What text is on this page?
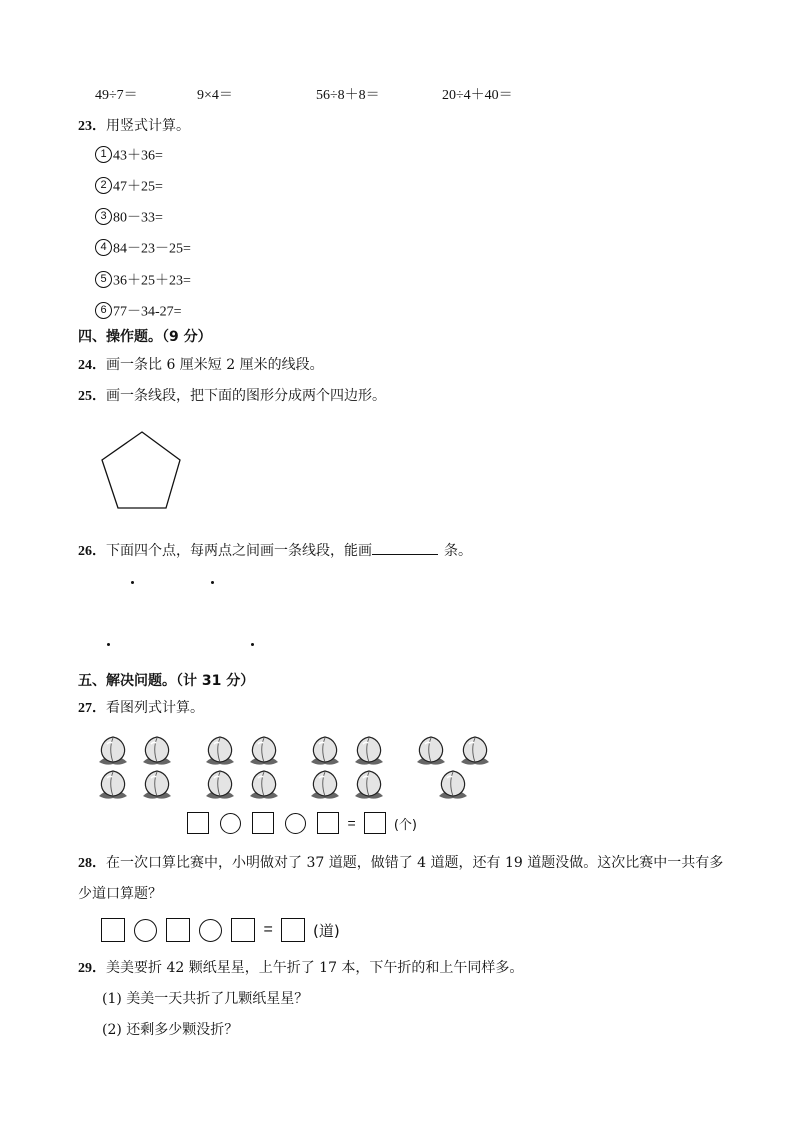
49÷7＝	9×4＝	56÷8＋8＝	20÷4＋40＝
23．用竖式计算。
1 43＋36=
2 47＋25=
3 80－33=
4 84－23－25=
5 36＋25＋23=
6 77－34-27=
四、操作题。（9 分）
24．画一条比 6 厘米短 2 厘米的线段。
25．画一条线段，把下面的图形分成两个四边形。
26．下面四个点，每两点之间画一条线段，能画	条。
五、解决问题。（计 31 分）
27．看图列式计算。
=	(个)
28．在一次口算比赛中，小明做对了 37 道题，做错了 4 道题，还有 19 道题没做。这次比赛中一共有多
少道口算题？
=	(道)
29．美美要折 42 颗纸星星，上午折了 17 本，下午折的和上午同样多。
(1) 美美一天共折了几颗纸星星？
(2) 还剩多少颗没折？
